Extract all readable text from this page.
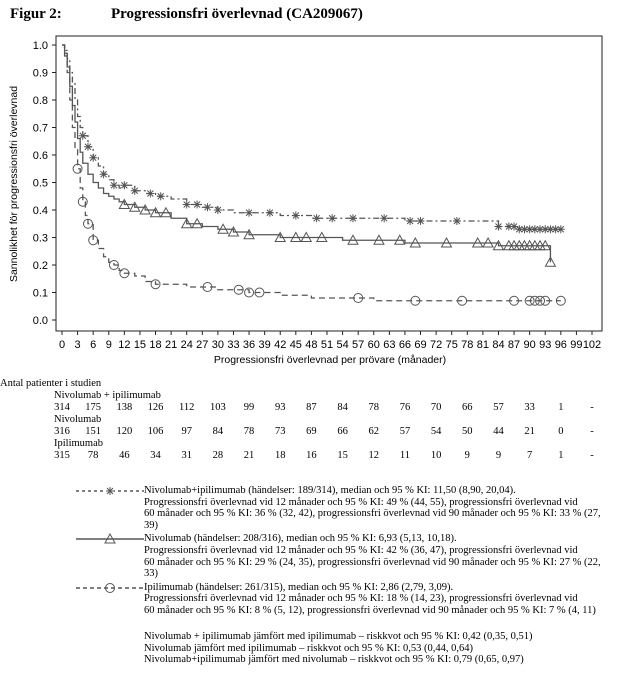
Figur 2:	Progressionsfri överlevnad (CA209067)
0 3 6 9 12 15 18 21 24 27 30 33 36 39 42 45 48 51 54 57 60 63 66 69 72 75 78 81 84 87 90 93 96 99 102
0.0
0.1
0.2
0.3
0.4
0.5
0.6
0.7
0.8
0.9
1.0
Sannolikhet för progressionsfri överlevnad
Progressionsfri överlevnad per prövare (månader)
Antal patienter i studien
Nivolumab + ipilimumab
314	175	138	126	112	103	99	93	87	84	78	76	70	66	57	33	1	-
Nivolumab
316	151	120	106	97	84	78	73	69	66	62	57	54	50	44	21	0	-
Ipilimumab
315	78	46	34	31	28	21	18	16	15	12	11	10	9	9	7	1	-
Nivolumab+ipilimumab (händelser: 189/314), median och 95 % KI: 11,50 (8,90, 20,04).
Progressionsfri överlevnad vid 12 månader och 95 % KI: 49 % (44, 55), progressionsfri överlevnad vid
60 månader och 95 % KI: 36 % (32, 42), progressionsfri överlevnad vid 90 månader och 95 % KI: 33 % (27,
39)
Nivolumab (händelser: 208/316), median och 95 % KI: 6,93 (5,13, 10,18).
Progressionsfri överlevnad vid 12 månader och 95 % KI: 42 % (36, 47), progressionsfri överlevnad vid
60 månader och 95 % KI: 29 % (24, 35), progressionsfri överlevnad vid 90 månader och 95 % KI: 27 % (22,
33)
Ipilimumab (händelser: 261/315), median och 95 % KI: 2,86 (2,79, 3,09).
Progressionsfri överlevnad vid 12 månader och 95 % KI: 18 % (14, 23), progressionsfri överlevnad vid
60 månader och 95 % KI: 8 % (5, 12), progressionsfri överlevnad vid 90 månader och 95 % KI: 7 % (4, 11)
Nivolumab + ipilimumab jämfört med ipilimumab – riskkvot och 95 % KI: 0,42 (0,35, 0,51)
Nivolumab jämfört med ipilimumab – riskkvot och 95 % KI: 0,53 (0,44, 0,64)
Nivolumab+ipilimumab jämfört med nivolumab – riskkvot och 95 % KI: 0,79 (0,65, 0,97)
